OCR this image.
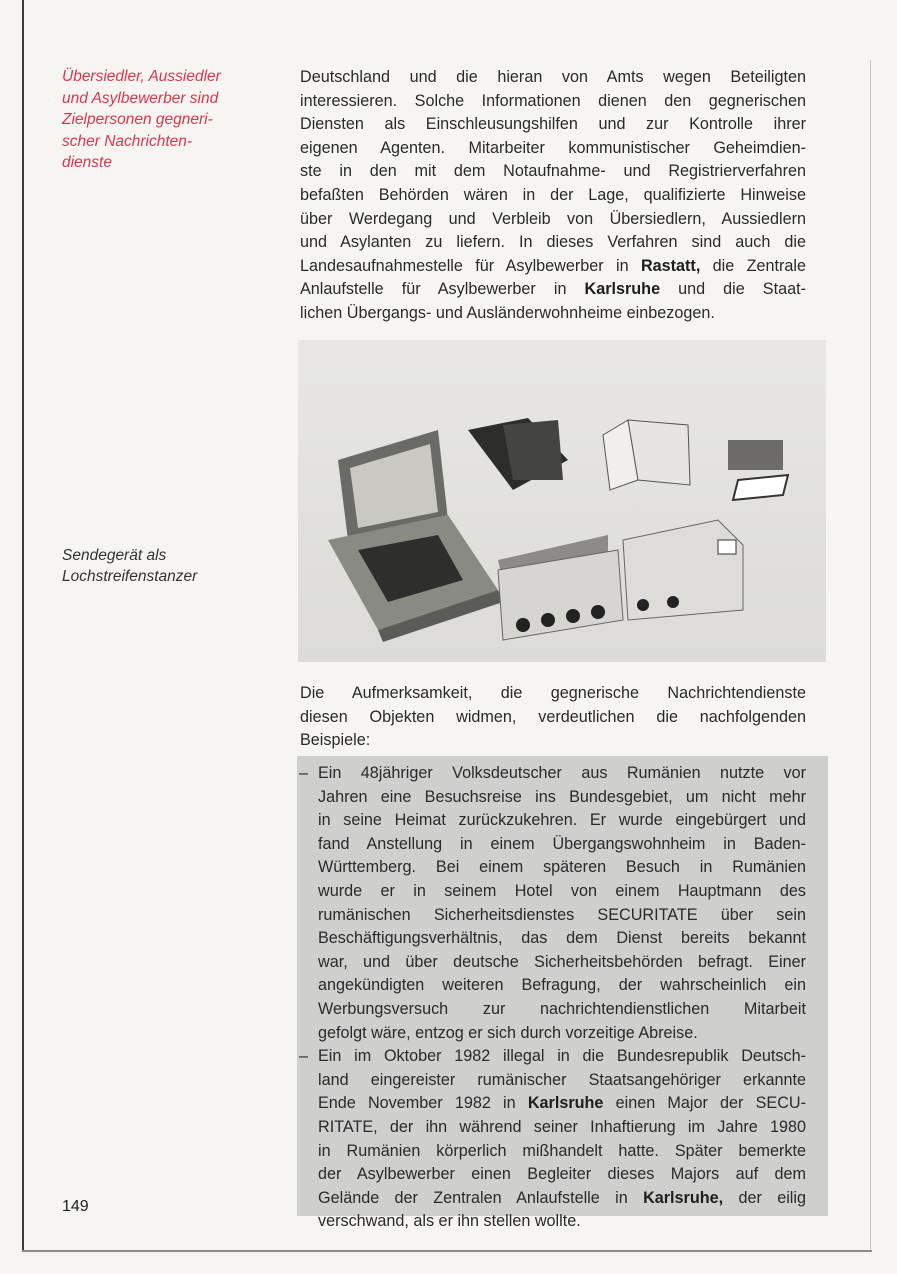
Übersiedler, Aussiedler
und Asylbewerber sind
Zielpersonen gegneri-
scher Nachrichten-
dienste
Deutschland und die hieran von Amts wegen Beteiligten
interessieren. Solche Informationen dienen den gegnerischen
Diensten als Einschleusungshilfen und zur Kontrolle ihrer
eigenen Agenten. Mitarbeiter kommunistischer Geheimdien-
ste in den mit dem Notaufnahme- und Registrierverfahren
befaßten Behörden wären in der Lage, qualifizierte Hinweise
über Werdegang und Verbleib von Übersiedlern, Aussiedlern
und Asylanten zu liefern. In dieses Verfahren sind auch die
Landesaufnahmestelle für Asylbewerber in Rastatt, die Zentrale
Anlaufstelle für Asylbewerber in Karlsruhe und die Staat-
lichen Übergangs- und Ausländerwohnheime einbezogen.
Sendegerät als
Lochstreifenstanzer
Die Aufmerksamkeit, die gegnerische Nachrichtendienste
diesen Objekten widmen, verdeutlichen die nachfolgenden
Beispiele:
– Ein 48jähriger Volksdeutscher aus Rumänien nutzte vor
Jahren eine Besuchsreise ins Bundesgebiet, um nicht mehr
in seine Heimat zurückzukehren. Er wurde eingebürgert und
fand Anstellung in einem Übergangswohnheim in Baden-
Württemberg. Bei einem späteren Besuch in Rumänien
wurde er in seinem Hotel von einem Hauptmann des
rumänischen Sicherheitsdienstes SECURITATE über sein
Beschäftigungsverhältnis, das dem Dienst bereits bekannt
war, und über deutsche Sicherheitsbehörden befragt. Einer
angekündigten weiteren Befragung, der wahrscheinlich ein
Werbungsversuch zur nachrichtendienstlichen Mitarbeit
gefolgt wäre, entzog er sich durch vorzeitige Abreise.
– Ein im Oktober 1982 illegal in die Bundesrepublik Deutsch-
land eingereister rumänischer Staatsangehöriger erkannte
Ende November 1982 in Karlsruhe einen Major der SECU-
RITATE, der ihn während seiner Inhaftierung im Jahre 1980
in Rumänien körperlich mißhandelt hatte. Später bemerkte
der Asylbewerber einen Begleiter dieses Majors auf dem
Gelände der Zentralen Anlaufstelle in Karlsruhe, der eilig
verschwand, als er ihn stellen wollte.
149
